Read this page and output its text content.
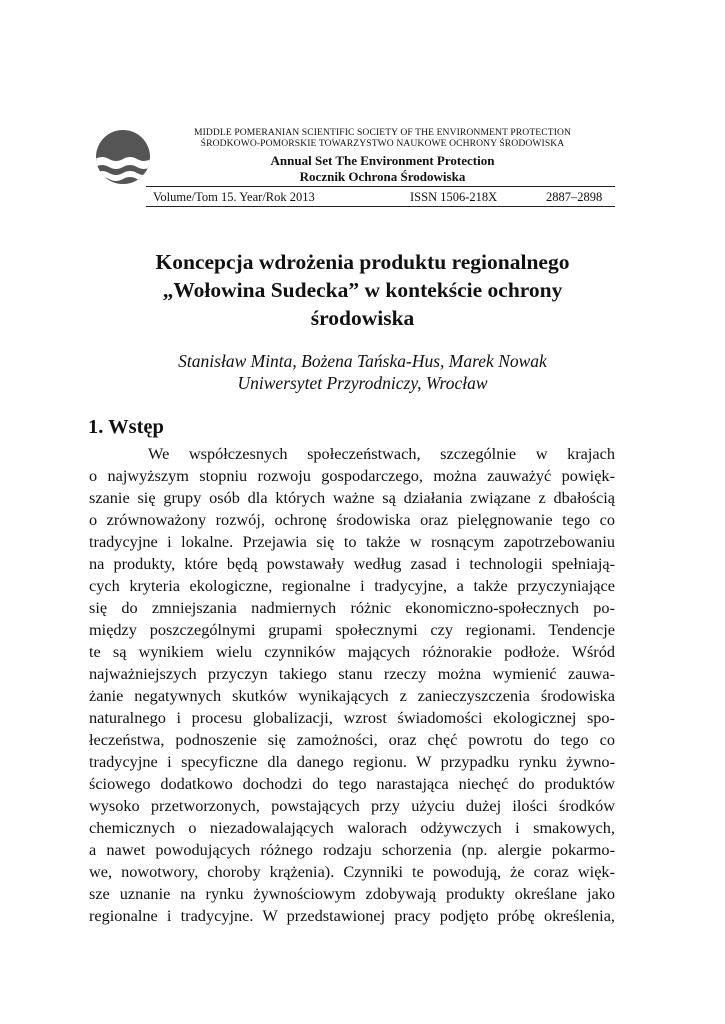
MIDDLE POMERANIAN SCIENTIFIC SOCIETY OF THE ENVIRONMENT PROTECTION
ŚRODKOWO-POMORSKIE TOWARZYSTWO NAUKOWE OCHRONY ŚRODOWISKA
Annual Set The Environment Protection
Rocznik Ochrona Środowiska
Volume/Tom 15. Year/Rok 2013	ISSN 1506-218X	2887–2898
Koncepcja wdrożenia produktu regionalnego
„Wołowina Sudecka” w kontekście ochrony
środowiska
Stanisław Minta, Bożena Tańska-Hus, Marek Nowak
Uniwersytet Przyrodniczy, Wrocław
1. Wstęp
We współczesnych społeczeństwach, szczególnie w krajach
o najwyższym stopniu rozwoju gospodarczego, można zauważyć powięk-
szanie się grupy osób dla których ważne są działania związane z dbałością
o zrównoważony rozwój, ochronę środowiska oraz pielęgnowanie tego co
tradycyjne i lokalne. Przejawia się to także w rosnącym zapotrzebowaniu
na produkty, które będą powstawały według zasad i technologii spełniają-
cych kryteria ekologiczne, regionalne i tradycyjne, a także przyczyniające
się do zmniejszania nadmiernych różnic ekonomiczno-społecznych po-
między poszczególnymi grupami społecznymi czy regionami. Tendencje
te są wynikiem wielu czynników mających różnorakie podłoże. Wśród
najważniejszych przyczyn takiego stanu rzeczy można wymienić zauwa-
żanie negatywnych skutków wynikających z zanieczyszczenia środowiska
naturalnego i procesu globalizacji, wzrost świadomości ekologicznej spo-
łeczeństwa, podnoszenie się zamożności, oraz chęć powrotu do tego co
tradycyjne i specyficzne dla danego regionu. W przypadku rynku żywno-
ściowego dodatkowo dochodzi do tego narastająca niechęć do produktów
wysoko przetworzonych, powstających przy użyciu dużej ilości środków
chemicznych o niezadowalających walorach odżywczych i smakowych,
a nawet powodujących różnego rodzaju schorzenia (np. alergie pokarmo-
we, nowotwory, choroby krążenia). Czynniki te powodują, że coraz więk-
sze uznanie na rynku żywnościowym zdobywają produkty określane jako
regionalne i tradycyjne. W przedstawionej pracy podjęto próbę określenia,
